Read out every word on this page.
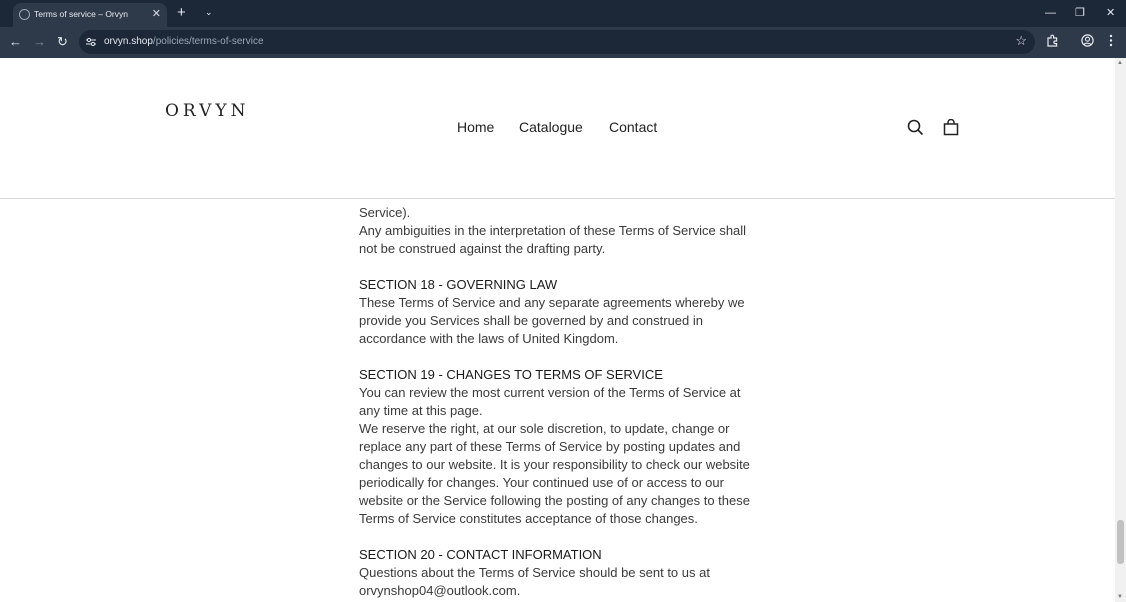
Terms of service – Orvyn ✕ + ⌄	— ❐ ✕
← → ↻	orvyn.shop/policies/terms-of-service	☆
ORVYN
Home Catalogue Contact

Service).

Any ambiguities in the interpretation of these Terms of Service shall not be construed against the drafting party.

SECTION 18 - GOVERNING LAW

These Terms of Service and any separate agreements whereby we provide you Services shall be governed by and construed in accordance with the laws of United Kingdom.

SECTION 19 - CHANGES TO TERMS OF SERVICE

You can review the most current version of the Terms of Service at any time at this page.

We reserve the right, at our sole discretion, to update, change or replace any part of these Terms of Service by posting updates and changes to our website. It is your responsibility to check our website periodically for changes. Your continued use of or access to our website or the Service following the posting of any changes to these Terms of Service constitutes acceptance of those changes.

SECTION 20 - CONTACT INFORMATION

Questions about the Terms of Service should be sent to us at orvynshop04@outlook.com.

▲
▼
